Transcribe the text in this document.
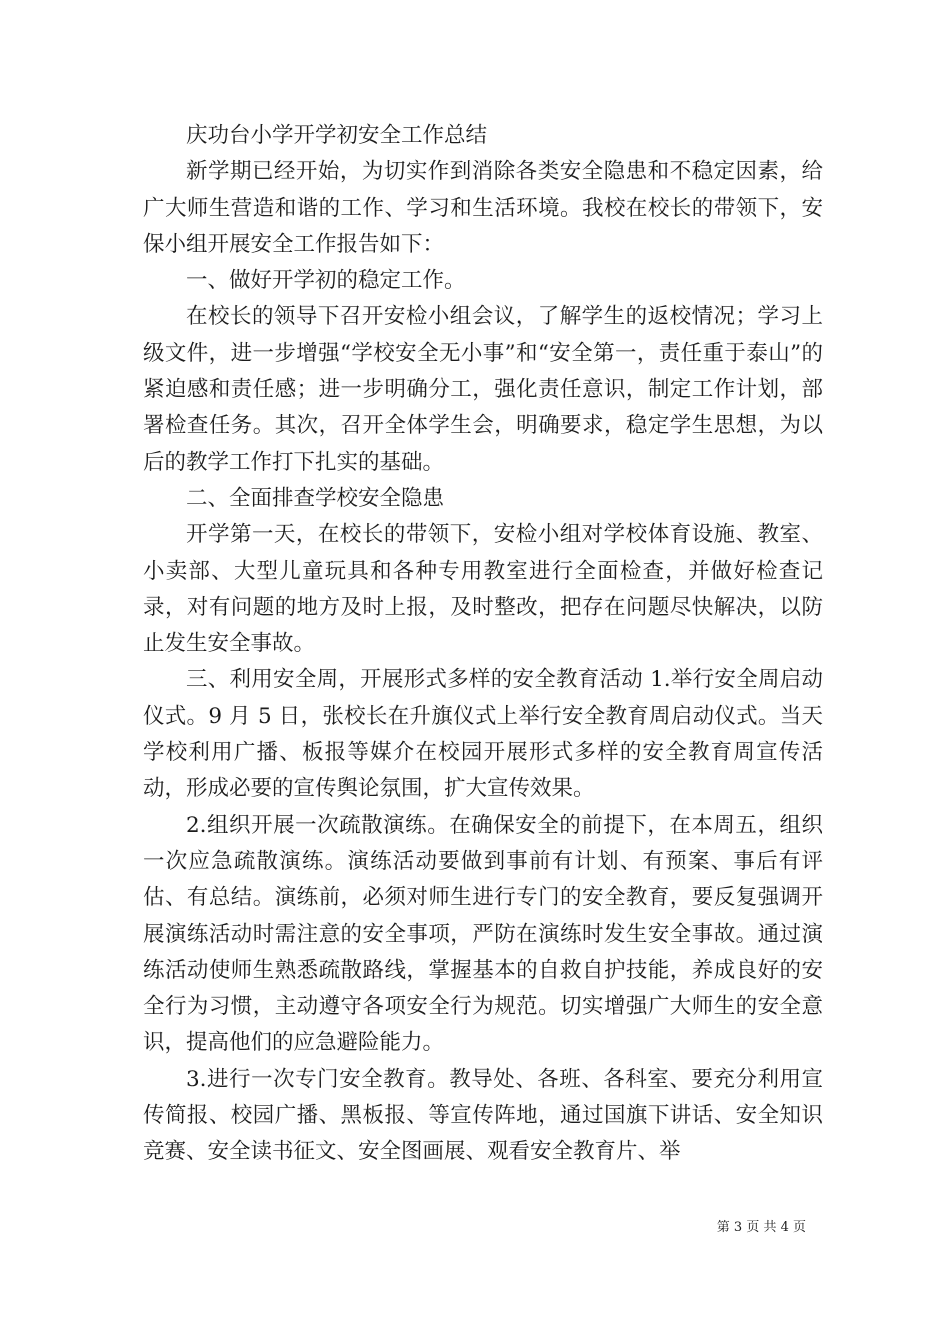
庆功台小学开学初安全工作总结

新学期已经开始，为切实作到消除各类安全隐患和不稳定因素，给广大师生营造和谐的工作、学习和生活环境。我校在校长的带领下，安保小组开展安全工作报告如下：

一、做好开学初的稳定工作。

在校长的领导下召开安检小组会议，了解学生的返校情况；学习上级文件，进一步增强“学校安全无小事”和“安全第一，责任重于泰山”的紧迫感和责任感；进一步明确分工，强化责任意识，制定工作计划，部署检查任务。其次，召开全体学生会，明确要求，稳定学生思想，为以后的教学工作打下扎实的基础。

二、全面排查学校安全隐患

开学第一天，在校长的带领下，安检小组对学校体育设施、教室、小卖部、大型儿童玩具和各种专用教室进行全面检查，并做好检查记录，对有问题的地方及时上报，及时整改，把存在问题尽快解决，以防止发生安全事故。

三、利用安全周，开展形式多样的安全教育活动 1.举行安全周启动仪式。9 月 5 日，张校长在升旗仪式上举行安全教育周启动仪式。当天学校利用广播、板报等媒介在校园开展形式多样的安全教育周宣传活动，形成必要的宣传舆论氛围，扩大宣传效果。

2.组织开展一次疏散演练。在确保安全的前提下，在本周五，组织一次应急疏散演练。演练活动要做到事前有计划、有预案、事后有评估、有总结。演练前，必须对师生进行专门的安全教育，要反复强调开展演练活动时需注意的安全事项，严防在演练时发生安全事故。通过演练活动使师生熟悉疏散路线，掌握基本的自救自护技能，养成良好的安全行为习惯，主动遵守各项安全行为规范。切实增强广大师生的安全意识，提高他们的应急避险能力。

3.进行一次专门安全教育。教导处、各班、各科室、要充分利用宣传简报、校园广播、黑板报、等宣传阵地，通过国旗下讲话、安全知识竞赛、安全读书征文、安全图画展、观看安全教育片、举

第 3 页 共 4 页
